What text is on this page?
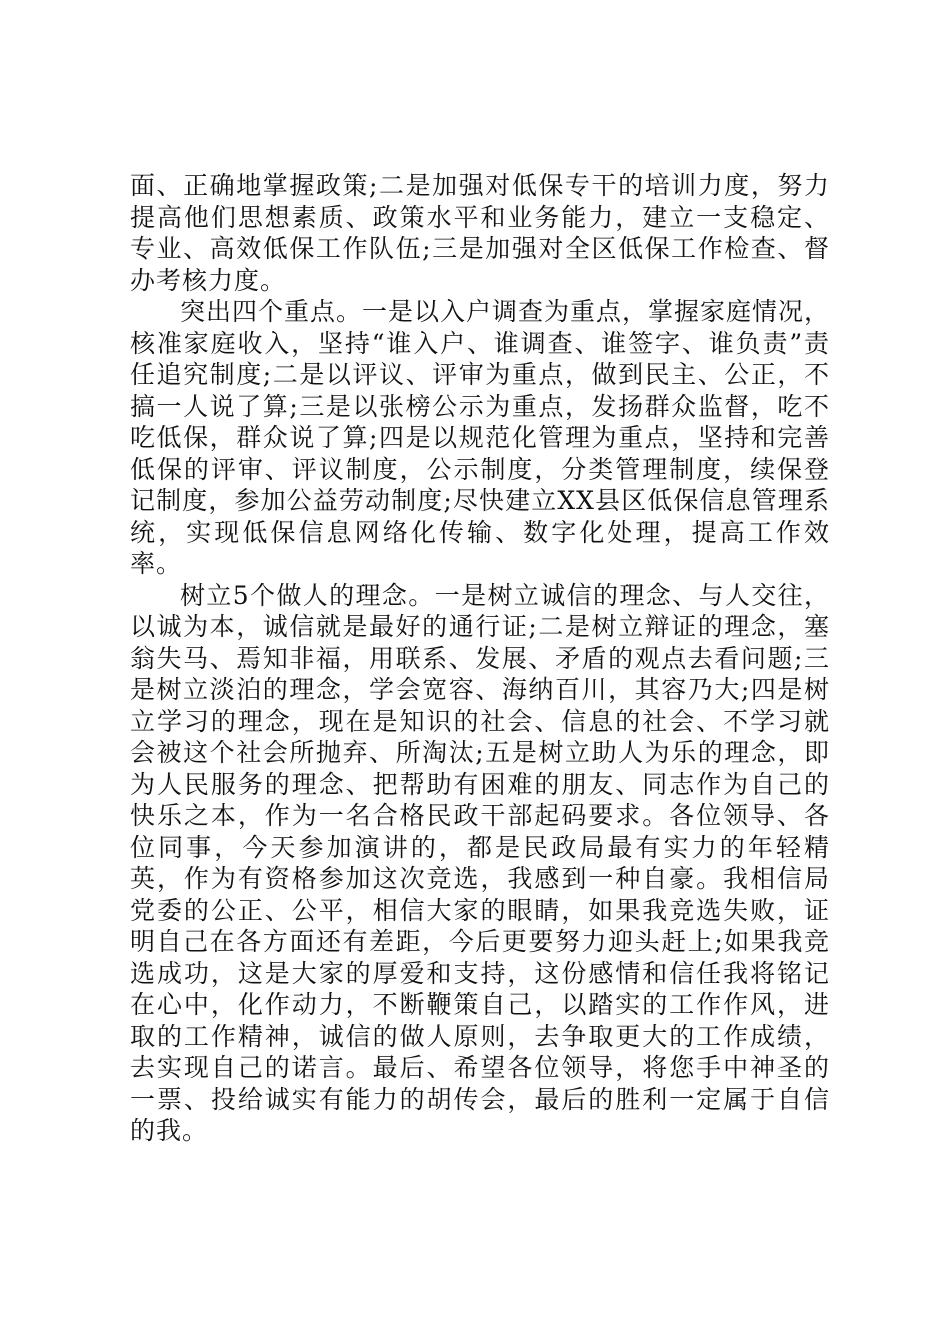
面、正确地掌握政策;二是加强对低保专干的培训力度，努力提高他们思想素质、政策水平和业务能力，建立一支稳定、专业、高效低保工作队伍;三是加强对全区低保工作检查、督办考核力度。

突出四个重点。一是以入户调查为重点，掌握家庭情况，核准家庭收入，坚持“谁入户、谁调查、谁签字、谁负责”责任追究制度;二是以评议、评审为重点，做到民主、公正，不搞一人说了算;三是以张榜公示为重点，发扬群众监督，吃不吃低保，群众说了算;四是以规范化管理为重点，坚持和完善低保的评审、评议制度，公示制度，分类管理制度，续保登记制度，参加公益劳动制度;尽快建立XX县区低保信息管理系统，实现低保信息网络化传输、数字化处理，提高工作效率。

树立5个做人的理念。一是树立诚信的理念、与人交往，以诚为本，诚信就是最好的通行证;二是树立辩证的理念，塞翁失马、焉知非福，用联系、发展、矛盾的观点去看问题;三是树立淡泊的理念，学会宽容、海纳百川，其容乃大;四是树立学习的理念，现在是知识的社会、信息的社会、不学习就会被这个社会所抛弃、所淘汰;五是树立助人为乐的理念，即为人民服务的理念、把帮助有困难的朋友、同志作为自己的快乐之本，作为一名合格民政干部起码要求。各位领导、各位同事，今天参加演讲的，都是民政局最有实力的年轻精英，作为有资格参加这次竞选，我感到一种自豪。我相信局党委的公正、公平，相信大家的眼睛，如果我竞选失败，证明自己在各方面还有差距，今后更要努力迎头赶上;如果我竞选成功，这是大家的厚爱和支持，这份感情和信任我将铭记在心中，化作动力，不断鞭策自己，以踏实的工作作风，进取的工作精神，诚信的做人原则，去争取更大的工作成绩，去实现自己的诺言。最后、希望各位领导，将您手中神圣的一票、投给诚实有能力的胡传会，最后的胜利一定属于自信的我。
